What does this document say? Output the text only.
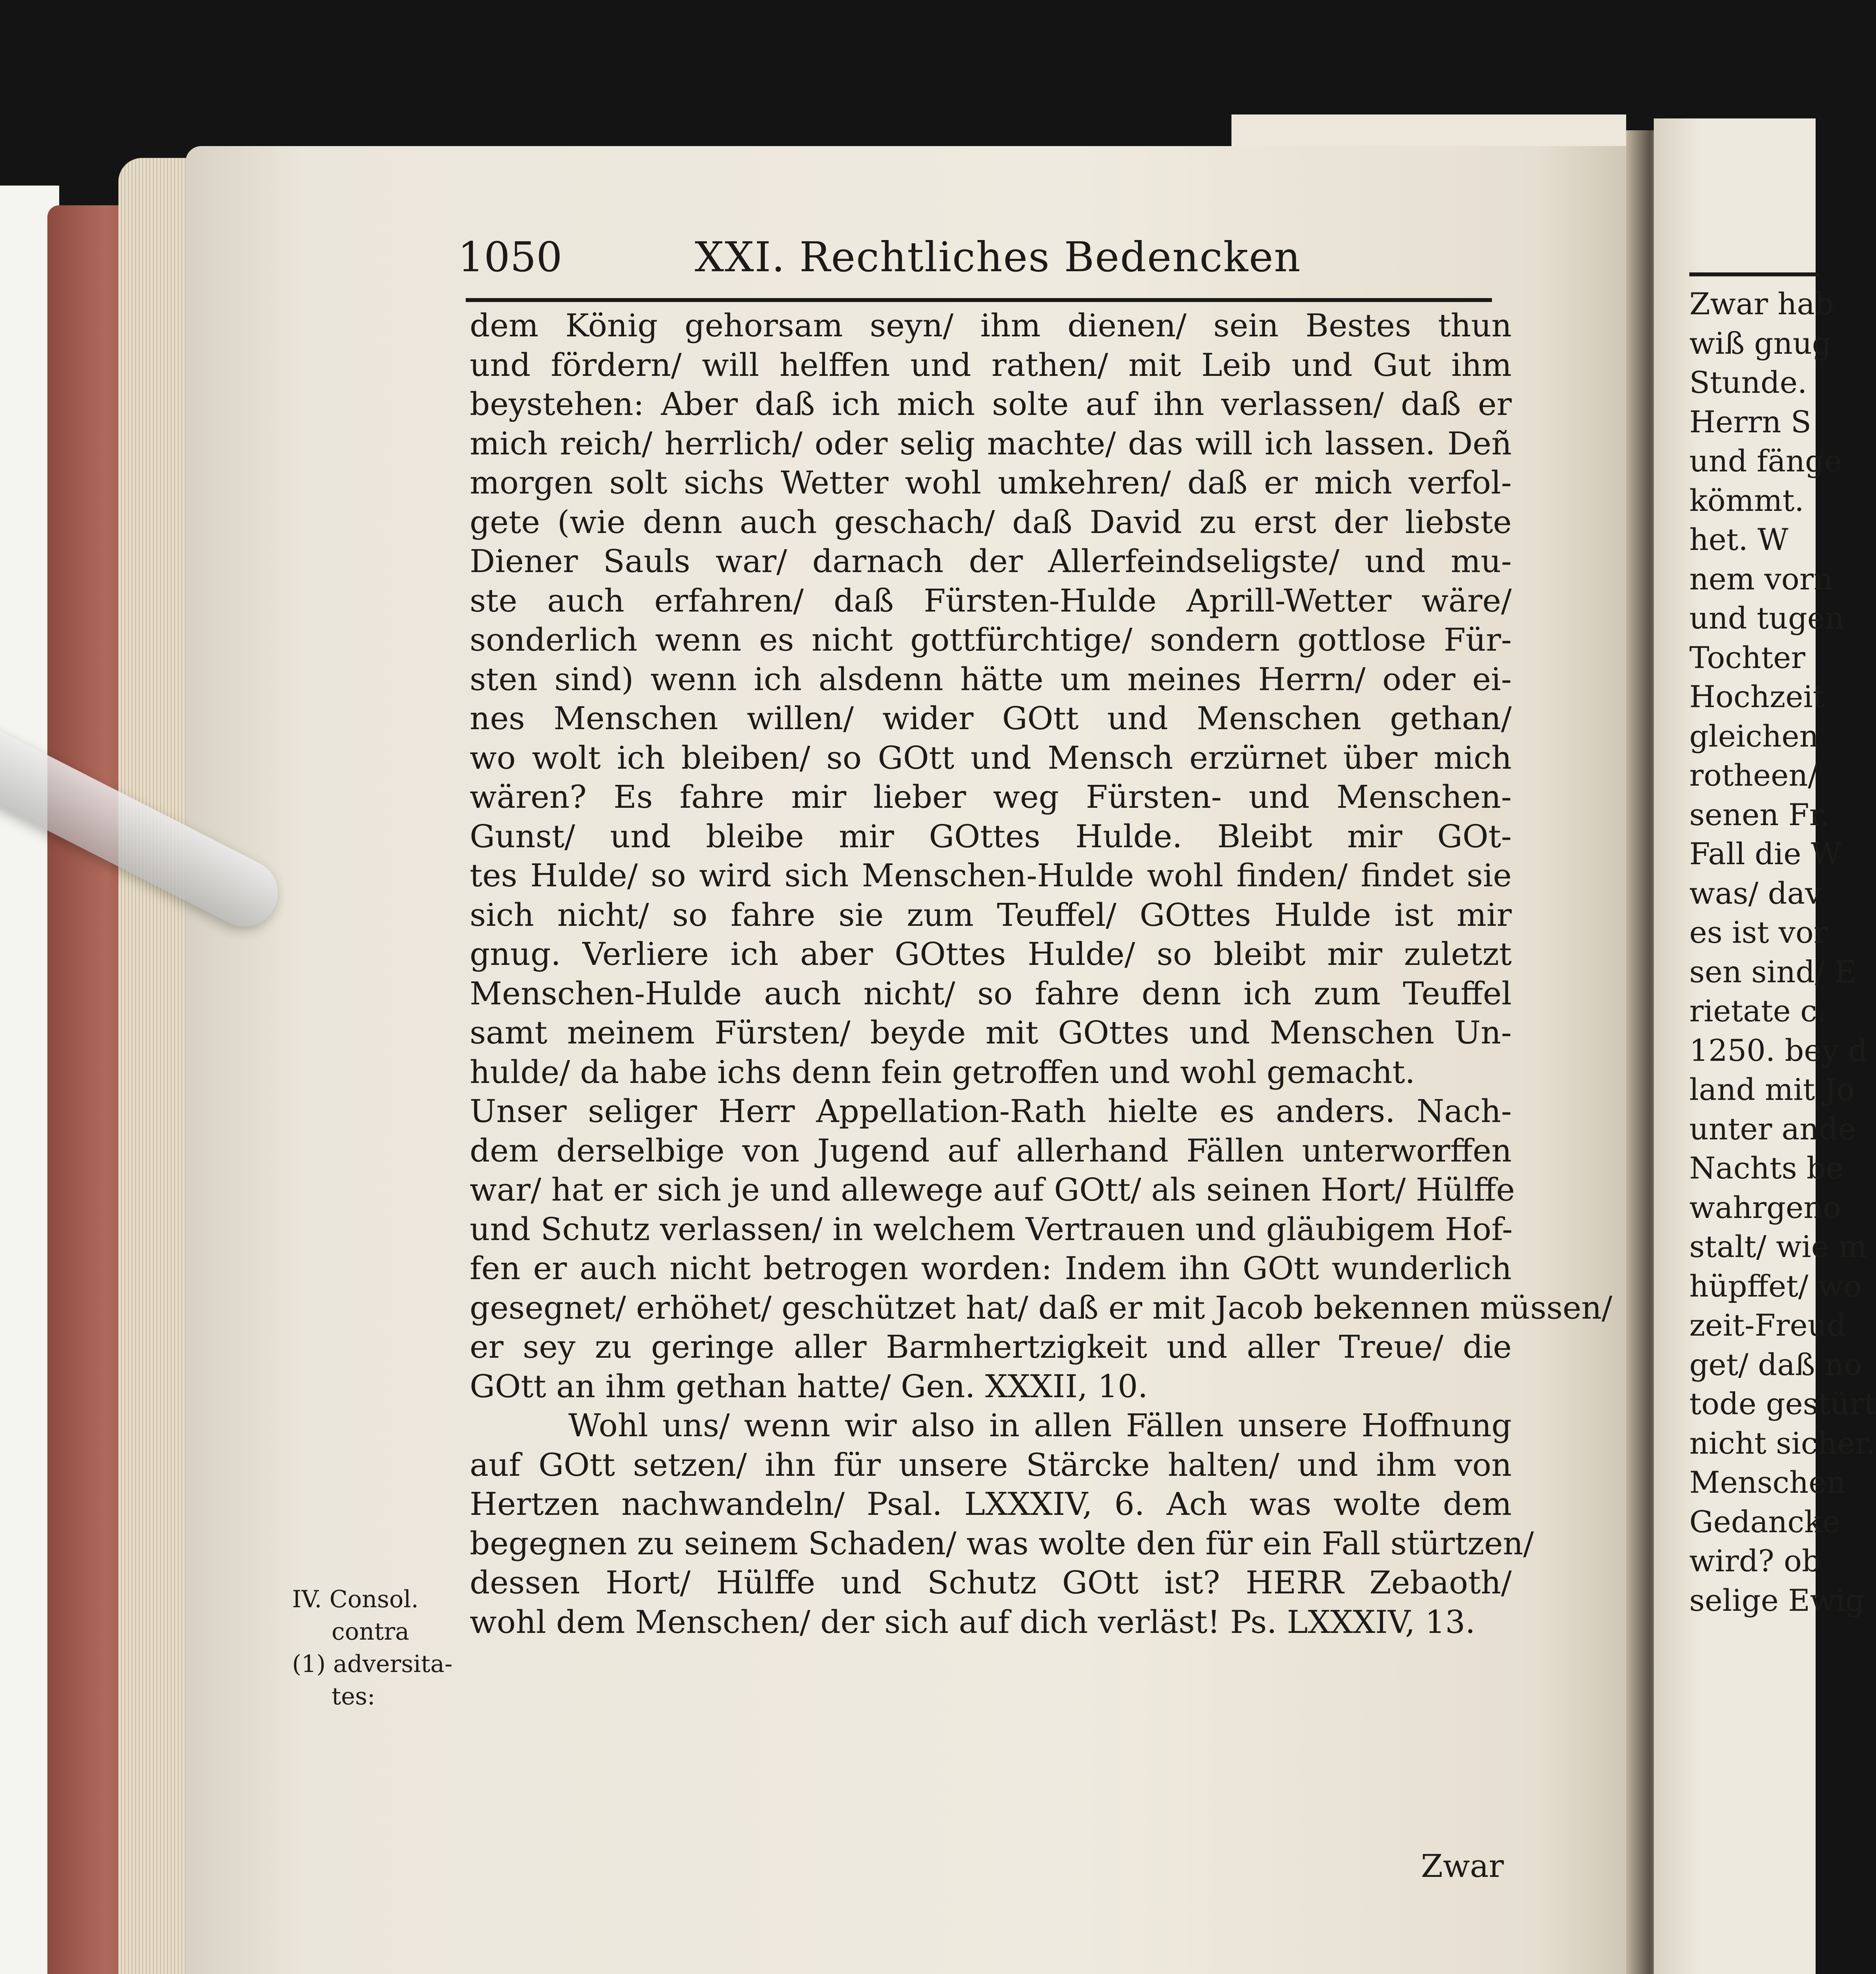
1050	XXI. Rechtliches Bedencken
dem König gehorsam seyn/ ihm dienen/ sein Bestes thun
und fördern/ will helffen und rathen/ mit Leib und Gut ihm
beystehen: Aber daß ich mich solte auf ihn verlassen/ daß er
mich reich/ herrlich/ oder selig machte/ das will ich lassen. Deñ
morgen solt sichs Wetter wohl umkehren/ daß er mich verfol-
gete (wie denn auch geschach/ daß David zu erst der liebste
Diener Sauls war/ darnach der Allerfeindseligste/ und mu-
ste auch erfahren/ daß Fürsten-Hulde Aprill-Wetter wäre/
sonderlich wenn es nicht gottfürchtige/ sondern gottlose Für-
sten sind) wenn ich alsdenn hätte um meines Herrn/ oder ei-
nes Menschen willen/ wider GOtt und Menschen gethan/
wo wolt ich bleiben/ so GOtt und Mensch erzürnet über mich
wären? Es fahre mir lieber weg Fürsten- und Menschen-
Gunst/ und bleibe mir GOttes Hulde. Bleibt mir GOt-
tes Hulde/ so wird sich Menschen-Hulde wohl finden/ findet sie
sich nicht/ so fahre sie zum Teuffel/ GOttes Hulde ist mir
gnug. Verliere ich aber GOttes Hulde/ so bleibt mir zuletzt
Menschen-Hulde auch nicht/ so fahre denn ich zum Teuffel
samt meinem Fürsten/ beyde mit GOttes und Menschen Un-
hulde/ da habe ichs denn fein getroffen und wohl gemacht.
Unser seliger Herr Appellation-Rath hielte es anders. Nach-
dem derselbige von Jugend auf allerhand Fällen unterworffen
war/ hat er sich je und allewege auf GOtt/ als seinen Hort/ Hülffe
und Schutz verlassen/ in welchem Vertrauen und gläubigem Hof-
fen er auch nicht betrogen worden: Indem ihn GOtt wunderlich
gesegnet/ erhöhet/ geschützet hat/ daß er mit Jacob bekennen müssen/
er sey zu geringe aller Barmhertzigkeit und aller Treue/ die
GOtt an ihm gethan hatte/ Gen. XXXII, 10.
Wohl uns/ wenn wir also in allen Fällen unsere Hoffnung
auf GOtt setzen/ ihn für unsere Stärcke halten/ und ihm von
Hertzen nachwandeln/ Psal. LXXXIV, 6. Ach was wolte dem
begegnen zu seinem Schaden/ was wolte den für ein Fall stürtzen/
dessen Hort/ Hülffe und Schutz GOtt ist? HERR Zebaoth/
wohl dem Menschen/ der sich auf dich verläst! Ps. LXXXIV, 13.
Zwar
IV. Consol.
contra
(1) adversita-
tes:
Zwar hab
wiß gnug
Stunde.
Herrn S
und fänge
kömmt.
het. W
nem vorn
und tugen
Tochter
Hochzeit
gleichen
rotheen/
senen Fr.
Fall die W
was/ dav
es ist vor
sen sind/ E
rietate c.
1250. bey d
land mit Jo
unter ande
Nachts be
wahrgeno
stalt/ wie m
hüpffet/ wo
zeit-Freud
get/ daß no
tode gestürt
nicht sicher.
Menschen
Gedancke
wird? ob
selige Ewig
